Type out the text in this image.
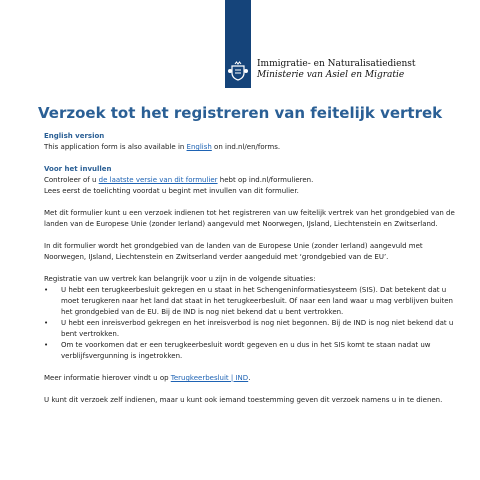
Immigratie- en Naturalisatiedienst
Ministerie van Asiel en Migratie
Verzoek tot het registreren van feitelijk vertrek

English version
This application form is also available in English on ind.nl/en/forms.

Voor het invullen
Controleer of u de laatste versie van dit formulier hebt op ind.nl/formulieren.
Lees eerst de toelichting voordat u begint met invullen van dit formulier.

Met dit formulier kunt u een verzoek indienen tot het registreren van uw feitelijk vertrek van het grondgebied van de landen van de Europese Unie (zonder Ierland) aangevuld met Noorwegen, IJsland, Liechtenstein en Zwitserland.

In dit formulier wordt het grondgebied van de landen van de Europese Unie (zonder Ierland) aangevuld met Noorwegen, IJsland, Liechtenstein en Zwitserland verder aangeduid met ‘grondgebied van de EU’.

Registratie van uw vertrek kan belangrijk voor u zijn in de volgende situaties:

• U hebt een terugkeerbesluit gekregen en u staat in het Schengeninformatiesysteem (SIS). Dat betekent dat u moet terugkeren naar het land dat staat in het terugkeerbesluit. Of naar een land waar u mag verblijven buiten het grondgebied van de EU. Bij de IND is nog niet bekend dat u bent vertrokken.
• U hebt een inreisverbod gekregen en het inreisverbod is nog niet begonnen. Bij de IND is nog niet bekend dat u bent vertrokken.
• Om te voorkomen dat er een terugkeerbesluit wordt gegeven en u dus in het SIS komt te staan nadat uw verblijfsvergunning is ingetrokken.

Meer informatie hierover vindt u op Terugkeerbesluit | IND.

U kunt dit verzoek zelf indienen, maar u kunt ook iemand toestemming geven dit verzoek namens u in te dienen.
